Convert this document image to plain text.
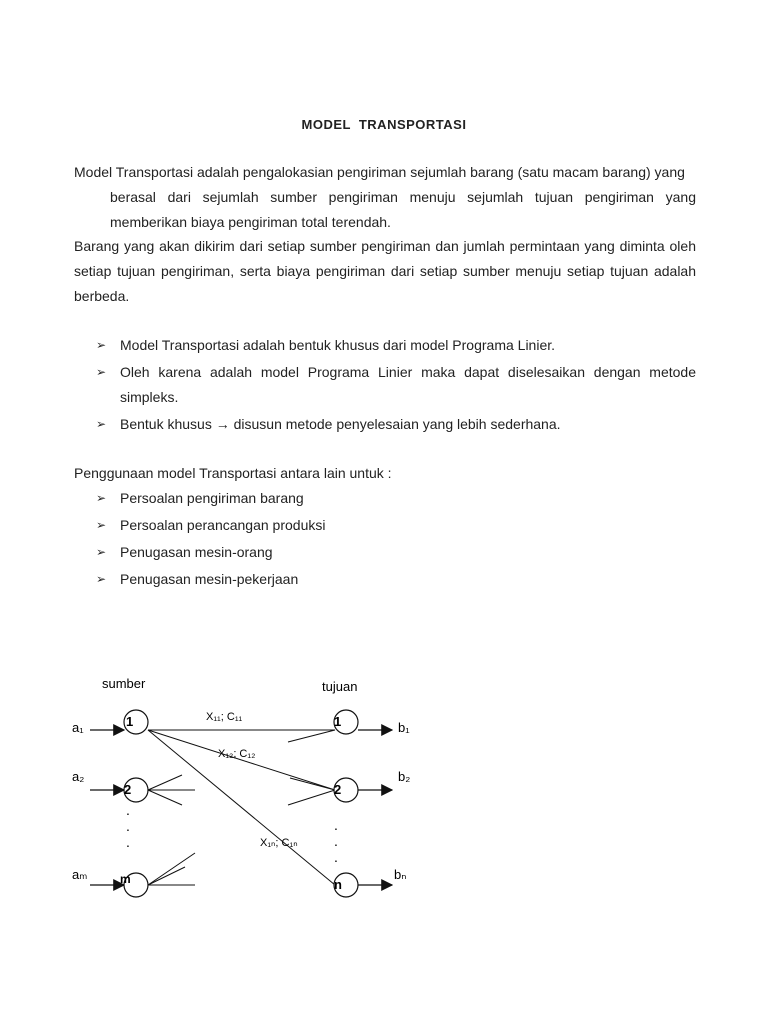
MODEL TRANSPORTASI
Model Transportasi adalah pengalokasian pengiriman sejumlah barang (satu macam barang) yang
berasal dari sejumlah sumber pengiriman menuju sejumlah tujuan pengiriman yang memberikan biaya pengiriman total terendah.
Barang yang akan dikirim dari setiap sumber pengiriman dan jumlah permintaan yang diminta oleh setiap tujuan pengiriman, serta biaya pengiriman dari setiap sumber menuju setiap tujuan adalah berbeda.
➢ Model Transportasi adalah bentuk khusus dari model Programa Linier.
➢ Oleh karena adalah model Programa Linier maka dapat diselesaikan dengan metode simpleks.
➢ Bentuk khusus → disusun metode penyelesaian yang lebih sederhana.
Penggunaan model Transportasi antara lain untuk :
➢ Persoalan pengiriman barang
➢ Persoalan perancangan produksi
➢ Penugasan mesin-orang
➢ Penugasan mesin-pekerjaan
sumber	tujuan
a₁
a₂
aₘ
X₁₁; C₁₁
X₁₂; C₁₂
X₁ₙ; C₁ₙ
1
2
m
.
.
.
1
2
n
.
.
.
b₁
b₂
bₙ
